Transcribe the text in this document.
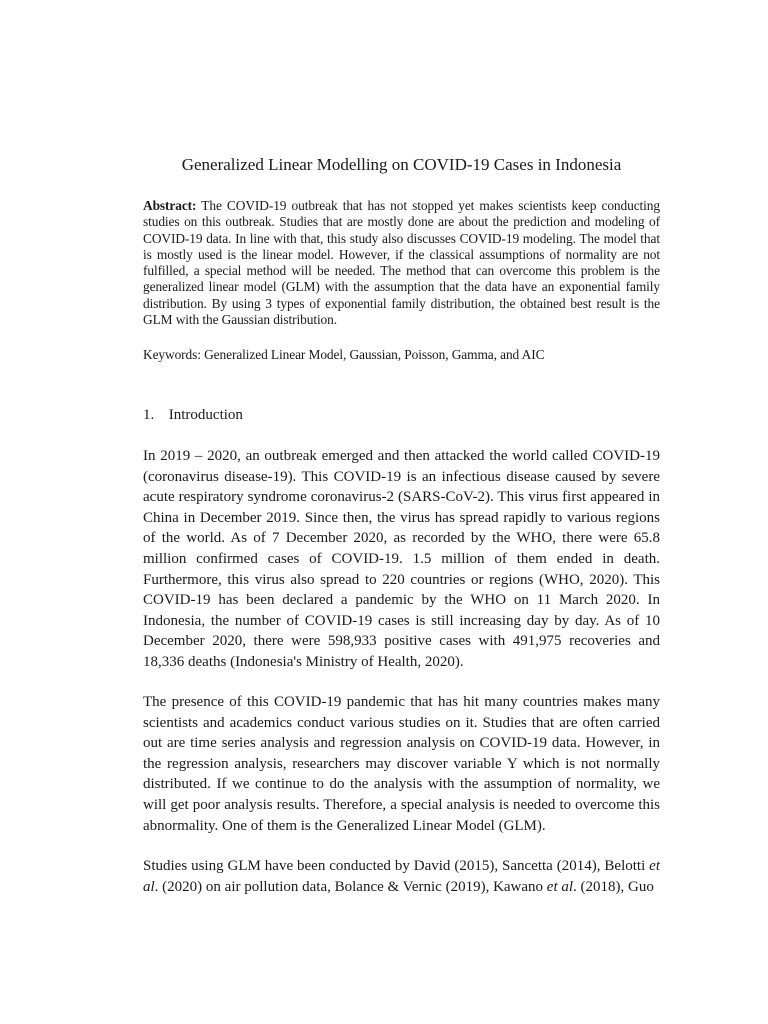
Generalized Linear Modelling on COVID-19 Cases in Indonesia

Abstract: The COVID-19 outbreak that has not stopped yet makes scientists keep conducting studies on this outbreak. Studies that are mostly done are about the prediction and modeling of COVID-19 data. In line with that, this study also discusses COVID-19 modeling. The model that is mostly used is the linear model. However, if the classical assumptions of normality are not fulfilled, a special method will be needed. The method that can overcome this problem is the generalized linear model (GLM) with the assumption that the data have an exponential family distribution. By using 3 types of exponential family distribution, the obtained best result is the GLM with the Gaussian distribution.

Keywords: Generalized Linear Model, Gaussian, Poisson, Gamma, and AIC

1. Introduction

In 2019 – 2020, an outbreak emerged and then attacked the world called COVID-19 (coronavirus disease-19). This COVID-19 is an infectious disease caused by severe acute respiratory syndrome coronavirus-2 (SARS-CoV-2). This virus first appeared in China in December 2019. Since then, the virus has spread rapidly to various regions of the world. As of 7 December 2020, as recorded by the WHO, there were 65.8 million confirmed cases of COVID-19. 1.5 million of them ended in death. Furthermore, this virus also spread to 220 countries or regions (WHO, 2020). This COVID-19 has been declared a pandemic by the WHO on 11 March 2020. In Indonesia, the number of COVID-19 cases is still increasing day by day. As of 10 December 2020, there were 598,933 positive cases with 491,975 recoveries and 18,336 deaths (Indonesia's Ministry of Health, 2020).

The presence of this COVID-19 pandemic that has hit many countries makes many scientists and academics conduct various studies on it. Studies that are often carried out are time series analysis and regression analysis on COVID-19 data. However, in the regression analysis, researchers may discover variable Y which is not normally distributed. If we continue to do the analysis with the assumption of normality, we will get poor analysis results. Therefore, a special analysis is needed to overcome this abnormality. One of them is the Generalized Linear Model (GLM).

Studies using GLM have been conducted by David (2015), Sancetta (2014), Belotti et al. (2020) on air pollution data, Bolance & Vernic (2019), Kawano et al. (2018), Guo
